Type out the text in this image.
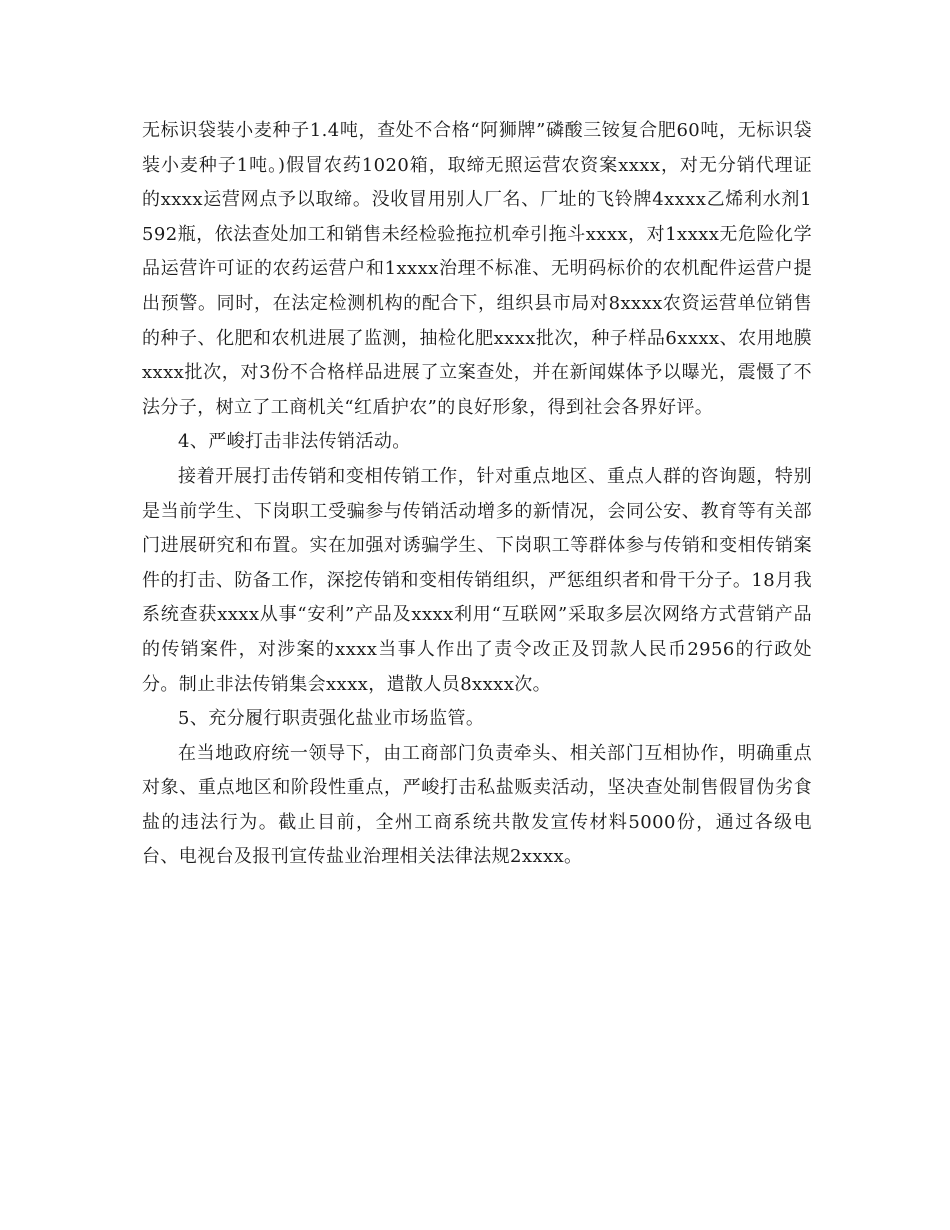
无标识袋装小麦种子1.4吨，查处不合格“阿狮牌”磷酸三铵复合肥60吨，无标识袋装小麦种子1吨。)假冒农药1020箱，取缔无照运营农资案xxxx，对无分销代理证的xxxx运营网点予以取缔。没收冒用别人厂名、厂址的飞铃牌4xxxx乙烯利水剂1592瓶，依法查处加工和销售未经检验拖拉机牵引拖斗xxxx，对1xxxx无危险化学品运营许可证的农药运营户和1xxxx治理不标准、无明码标价的农机配件运营户提出预警。同时，在法定检测机构的配合下，组织县市局对8xxxx农资运营单位销售的种子、化肥和农机进展了监测，抽检化肥xxxx批次，种子样品6xxxx、农用地膜xxxx批次，对3份不合格样品进展了立案查处，并在新闻媒体予以曝光，震慑了不法分子，树立了工商机关“红盾护农”的良好形象，得到社会各界好评。

4、严峻打击非法传销活动。

接着开展打击传销和变相传销工作，针对重点地区、重点人群的咨询题，特别是当前学生、下岗职工受骗参与传销活动增多的新情况，会同公安、教育等有关部门进展研究和布置。实在加强对诱骗学生、下岗职工等群体参与传销和变相传销案件的打击、防备工作，深挖传销和变相传销组织，严惩组织者和骨干分子。18月我系统查获xxxx从事“安利”产品及xxxx利用“互联网”采取多层次网络方式营销产品的传销案件，对涉案的xxxx当事人作出了责令改正及罚款人民币2956的行政处分。制止非法传销集会xxxx，遣散人员8xxxx次。

5、充分履行职责强化盐业市场监管。

在当地政府统一领导下，由工商部门负责牵头、相关部门互相协作，明确重点对象、重点地区和阶段性重点，严峻打击私盐贩卖活动，坚决查处制售假冒伪劣食盐的违法行为。截止目前，全州工商系统共散发宣传材料5000份，通过各级电台、电视台及报刊宣传盐业治理相关法律法规2xxxx。
